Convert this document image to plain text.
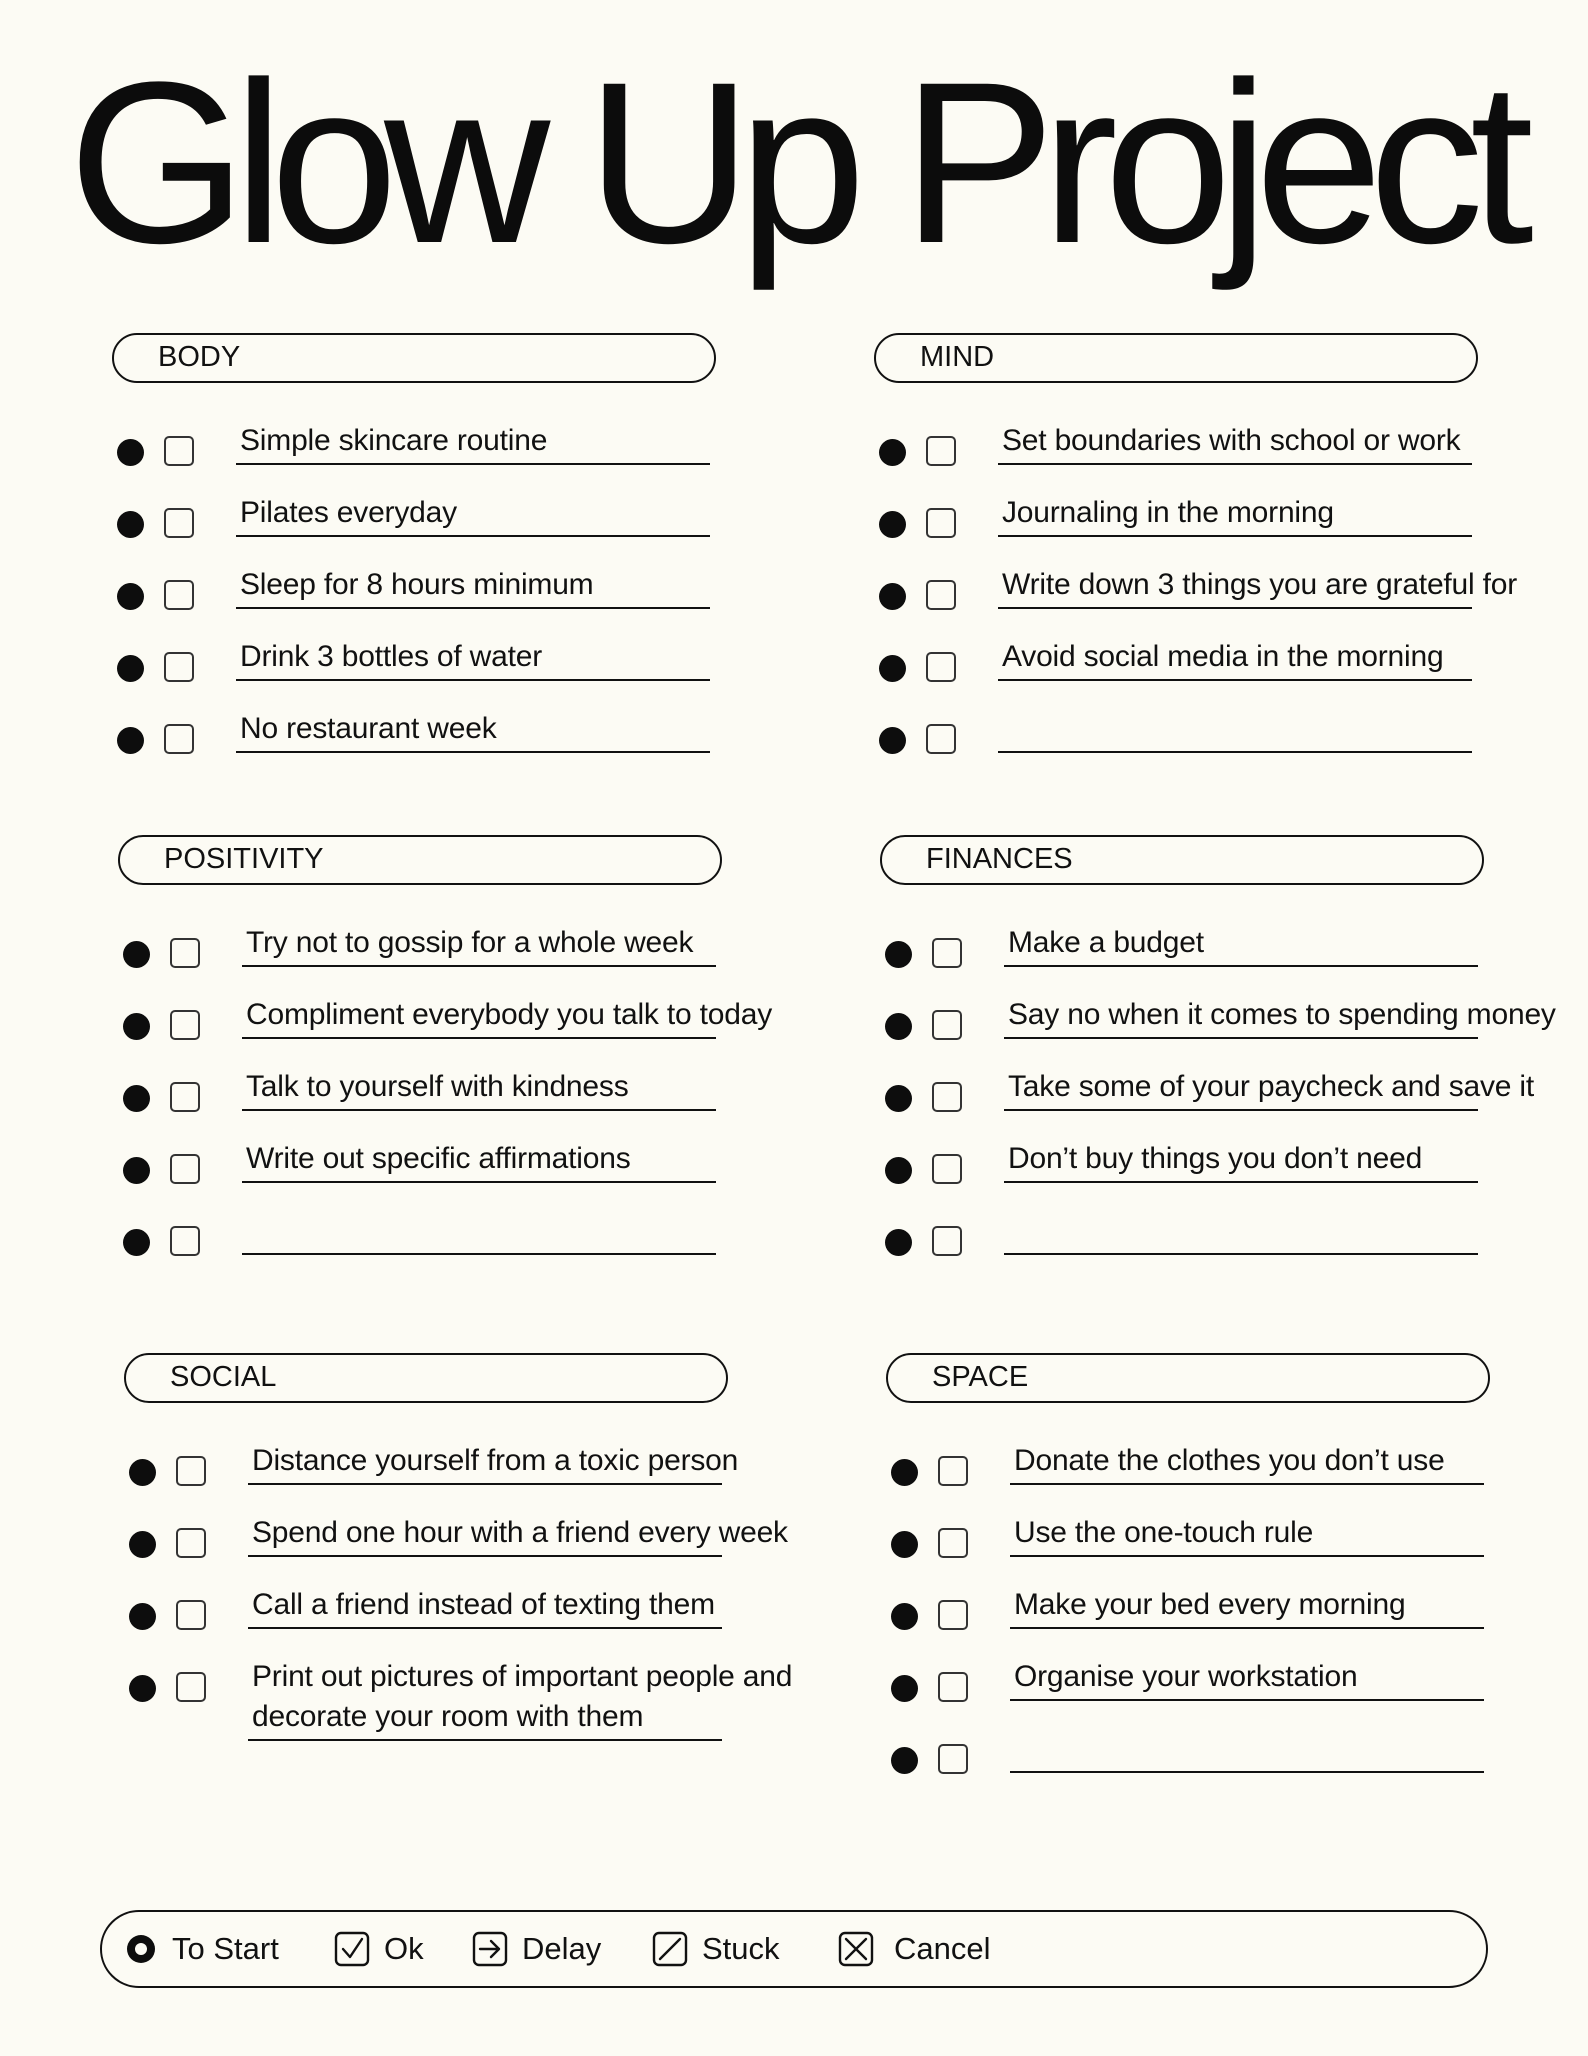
Glow Up Project
BODY
Simple skincare routine
Pilates everyday
Sleep for 8 hours minimum
Drink 3 bottles of water
No restaurant week
MIND
Set boundaries with school or work
Journaling in the morning
Write down 3 things you are grateful for
Avoid social media in the morning
POSITIVITY
Try not to gossip for a whole week
Compliment everybody you talk to today
Talk to yourself with kindness
Write out specific affirmations
FINANCES
Make a budget
Say no when it comes to spending money
Take some of your paycheck and save it
Don’t buy things you don’t need
SOCIAL
Distance yourself from a toxic person
Spend one hour with a friend every week
Call a friend instead of texting them
Print out pictures of important people and decorate your room with them
SPACE
Donate the clothes you don’t use
Use the one-touch rule
Make your bed every morning
Organise your workstation
To Start	Ok	Delay	Stuck	Cancel
